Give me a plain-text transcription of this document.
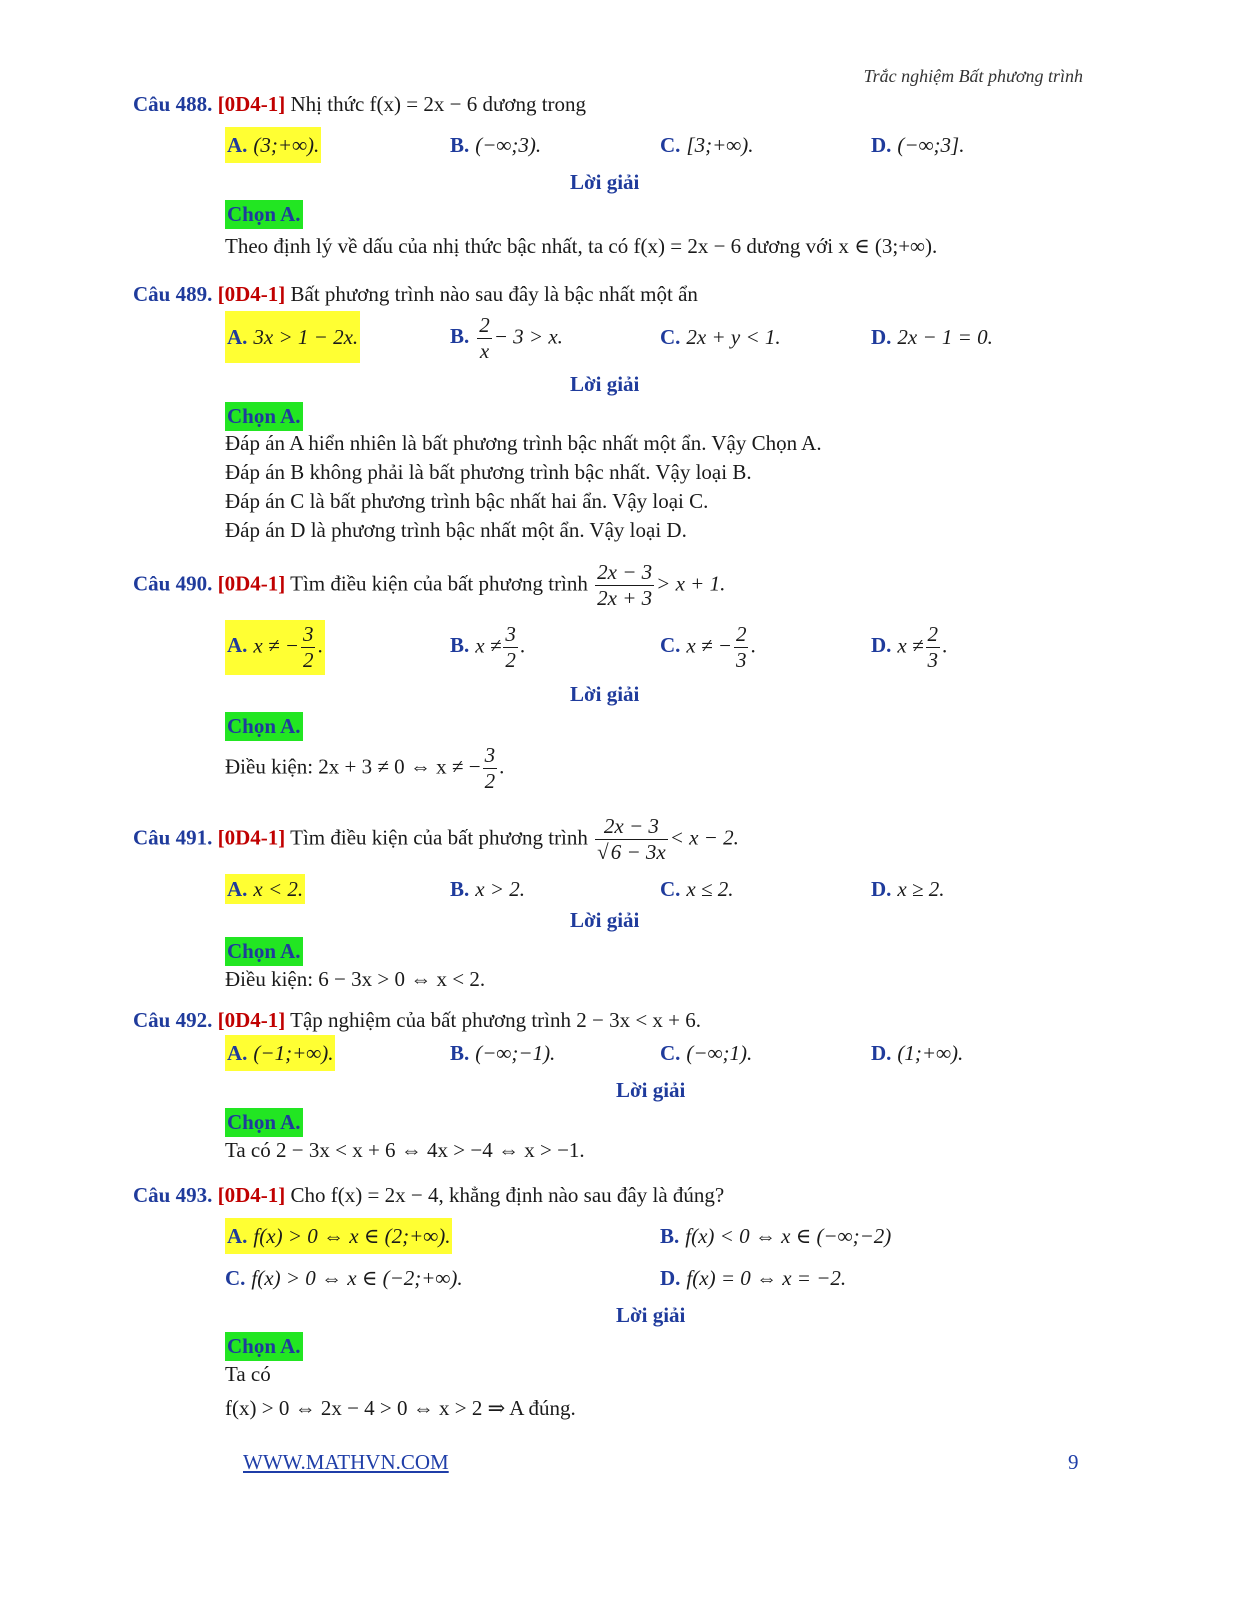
Trắc nghiệm Bất phương trình
Câu 488. [0D4-1] Nhị thức f(x) = 2x − 6 dương trong
A. (3;+∞).	B. (−∞;3).	C. [3;+∞).	D. (−∞;3].
Lời giải
Chọn A.
Theo định lý về dấu của nhị thức bậc nhất, ta có f(x) = 2x − 6 dương với x ∈ (3;+∞).
Câu 489. [0D4-1] Bất phương trình nào sau đây là bậc nhất một ẩn
A. 3x > 1 − 2x.	B. $\frac{2}{x} - 3 > x$.	C. 2x + y < 1.	D. 2x − 1 = 0.
Lời giải
Chọn A.
Đáp án A hiển nhiên là bất phương trình bậc nhất một ẩn. Vậy Chọn A.
Đáp án B không phải là bất phương trình bậc nhất. Vậy loại B.
Đáp án C là bất phương trình bậc nhất hai ẩn. Vậy loại C.
Đáp án D là phương trình bậc nhất một ẩn. Vậy loại D.
Câu 490. [0D4-1] Tìm điều kiện của bất phương trình $\frac{2x - 3}{2x + 3} > x + 1$.
A. x ≠ − $\frac{3}{2}$ .	B. $x \ne \frac{3}{2}$ .	C. x ≠ − $\frac{2}{3}$ .	D. $x \ne \frac{2}{3}$ .
Lời giải
Chọn A.
Điều kiện: 2x + 3 ≠ 0 ⇔ x ≠ − $\frac{3}{2}$ .
Câu 491. [0D4-1] Tìm điều kiện của bất phương trình $\frac{2x - 3}{√6 - 3x} < x - 2$.
A. x < 2.	B. x > 2.	C. x ≤ 2.	D. x ≥ 2.
Lời giải
Chọn A.
Điều kiện: 6 − 3x > 0 ⇔ x < 2.
Câu 492. [0D4-1] Tập nghiệm của bất phương trình 2 − 3x < x + 6.
A. (−1;+∞).	B. (−∞;−1).	C. (−∞;1).	D. (1;+∞).
Lời giải
Chọn A.
Ta có 2 − 3x < x + 6 ⇔ 4x > −4 ⇔ x > −1.
Câu 493. [0D4-1] Cho f(x) = 2x − 4, khẳng định nào sau đây là đúng?
A. f(x) > 0 ⇔ x ∈ (2;+∞).	B. f(x) < 0 ⇔ x ∈ (−∞;−2)
C. f(x) > 0 ⇔ x ∈ (−2;+∞).	D. f(x) = 0 ⇔ x = −2.
Lời giải
Chọn A.
Ta có
f(x) > 0 ⇔ 2x − 4 > 0 ⇔ x > 2 ⇒ A đúng.
WWW.MATHVN.COM	9
